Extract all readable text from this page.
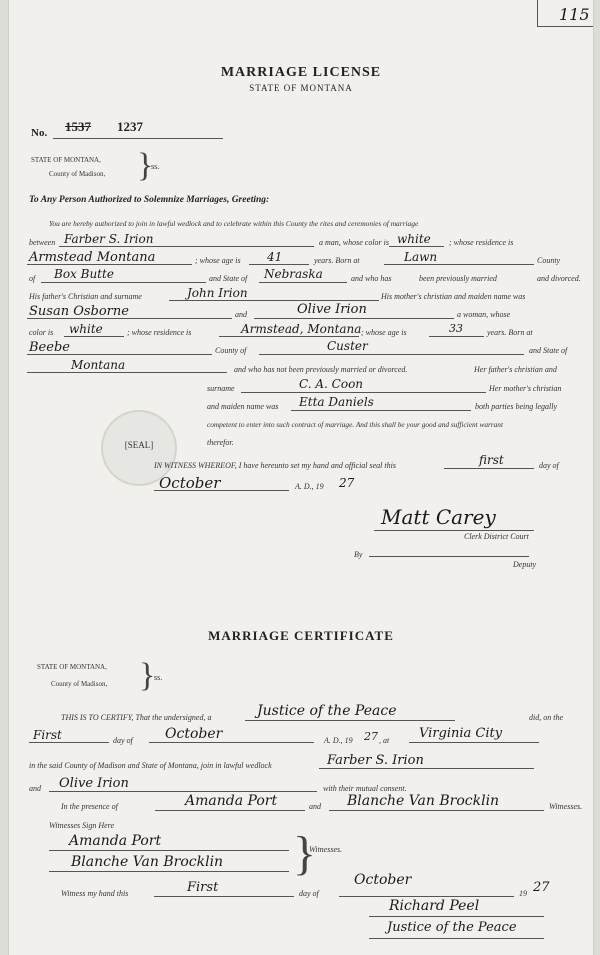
115
MARRIAGE LICENSE
STATE OF MONTANA
No. 1537 1237
STATE OF MONTANA,
County of Madison, }
ss.
To Any Person Authorized to Solemnize Marriages, Greeting:
You are hereby authorized to join in lawful wedlock and to celebrate within this County the rites and ceremonies of marriage
between Farber S. Irion	a man, whose color is white ; whose residence is
Armstead Montana	; whose age is 41	years. Born at	Lawn	County
of Box Butte	and State of Nebraska	and who has	been previously married	and divorced.
His father's Christian and surname	John Irion	His mother's christian and maiden name was
Susan Osborne	and	Olive Irion	a woman, whose
color is white	; whose residence is	Armstead, Montana ; whose age is	33	years. Born at
Beebe	County of	Custer	and State of
Montana	and who has not been previously married or divorced.	Her father's christian and
surname	C. A. Coon	Her mother's christian
and maiden name was Etta Daniels	both parties being legally
competent to enter into such contract of marriage. And this shall be your good and sufficient warrant
therefor.
[SEAL]
IN WITNESS WHEREOF, I have hereunto set my hand and official seal this	first	day of
October	A. D., 19 27
Matt Carey
Clerk District Court
By
Deputy
MARRIAGE CERTIFICATE
STATE OF MONTANA,
County of Madison, }
ss.
THIS IS TO CERTIFY, That the undersigned, a	Justice of the Peace	did, on the
First	day of October	A. D., 19 27 , at Virginia City
in the said County of Madison and State of Montana, join in lawful wedlock	Farber S. Irion
and Olive Irion	with their mutual consent.
In the presence of	Amanda Port	and Blanche Van Brocklin	Witnesses.
Witnesses Sign Here
Amanda Port
Blanche Van Brocklin }
Witnesses.
Witness my hand this	First	day of
October
19 27
Richard Peel
Justice of the Peace
